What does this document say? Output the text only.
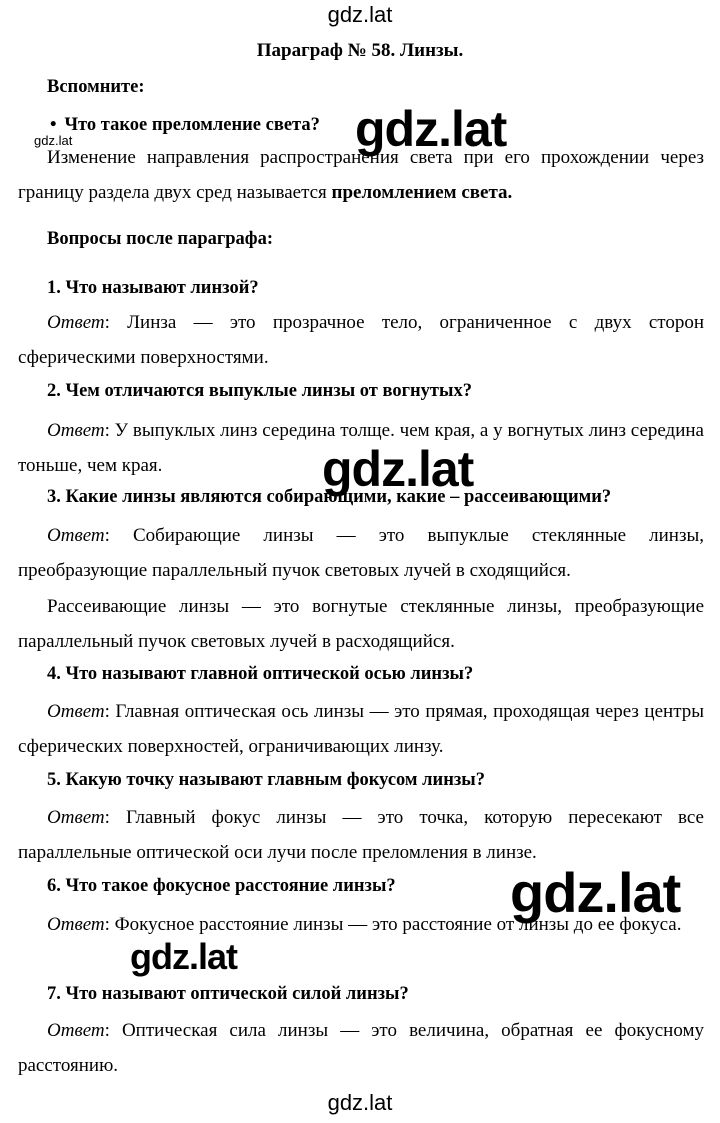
gdz.lat
Параграф № 58. Линзы.
Вспомните:
• Что такое преломление света?
gdz.lat
Изменение направления распространения света при его прохождении через границу раздела двух сред называется преломлением света.
Вопросы после параграфа:
1. Что называют линзой?
Ответ: Линза — это прозрачное тело, ограниченное с двух сторон сферическими поверхностями.
2. Чем отличаются выпуклые линзы от вогнутых?
Ответ: У выпуклых линз середина толще. чем края, а у вогнутых линз середина тоньше, чем края.
3. Какие линзы являются собирающими, какие – рассеивающими?
Ответ: Собирающие линзы — это выпуклые стеклянные линзы, преобразующие параллельный пучок световых лучей в сходящийся.
Рассеивающие линзы — это вогнутые стеклянные линзы, преобразующие параллельный пучок световых лучей в расходящийся.
4. Что называют главной оптической осью линзы?
Ответ: Главная оптическая ось линзы — это прямая, проходящая через центры сферических поверхностей, ограничивающих линзу.
5. Какую точку называют главным фокусом линзы?
Ответ: Главный фокус линзы — это точка, которую пересекают все параллельные оптической оси лучи после преломления в линзе.
6. Что такое фокусное расстояние линзы?
Ответ: Фокусное расстояние линзы — это расстояние от линзы до ее фокуса.
7. Что называют оптической силой линзы?
Ответ: Оптическая сила линзы — это величина, обратная ее фокусному расстоянию.
gdz.lat
gdz.lat
gdz.lat
gdz.lat
gdz.lat
